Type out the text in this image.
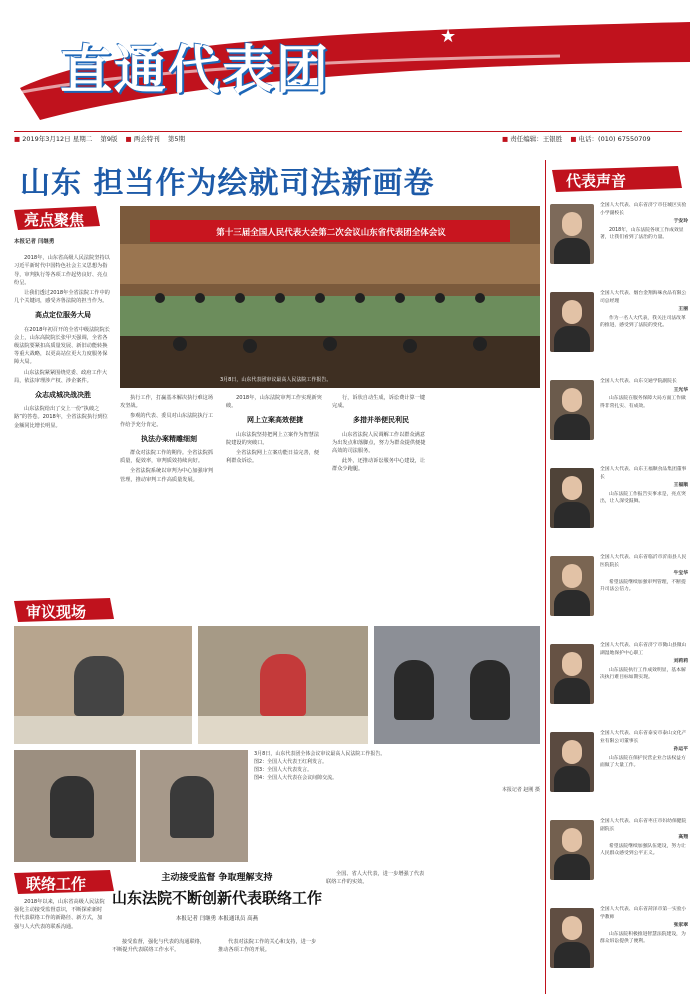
直通代表团
★
■ 2019年3月12日 星期二 第9版 ■ 两会特刊 第5期	■ 责任编辑：王银胜 ■ 电话：(010) 67550709
山东 担当作为绘就司法新画卷
亮点聚焦
本报记者 闫继勇

2018年，山东省高级人民法院坚持以习近平新时代中国特色社会主义思想为指导，审判执行等各项工作起势良好、亮点纷呈。

让我们透过2018年全省法院工作中的几个关键词，感受齐鲁法院的担当作为。

高点定位服务大局

在2018年初召开的全省中级法院院长会上，山东高院院长张甲天强调，全省各级法院要紧扣高质量发展、新旧动能转换等重大战略，以更高站位更大力度服务保障大局。

山东法院紧紧围绕党委、政府工作大局，依法审理涉产权、涉企案件。

众志成城决战决胜

山东法院给出了交上一份“执破之路”的答卷。2018年，全省法院执行到位金额同比增长明显。

第十三届全国人民代表大会第二次会议山东省代表团全体会议
3月8日，山东代表团审议最高人民法院工作报告。

执行工作，打赢基本解决执行难这场攻坚战。

参观的代表、委员对山东法院执行工作给予充分肯定。

执法办案精雕细刻

群众对法院工作的期待。全省法院抓质量，促效率，审判质效持续向好。

全省法院系统以审判为中心加强审判管理，推动审判工作高质量发展。

2018年，山东法院审判工作实现新突破。

网上立案高效便捷

山东法院坚持把网上立案作为智慧法院建设的突破口。

全省法院网上立案功能日益完善，便利群众诉讼。

行，诉状自动生成，诉讼费计算一键完成。

多措并举便民利民

山东省法院人民调解工作以群众满意为出发点和落脚点，努力为群众提供便捷高效的司法服务。

此外，还推动诉讼服务中心建设，让群众少跑腿。

审议现场
3月8日，山东代表团全体会议审议最高人民法院工作报告。
图2：全国人大代表王红利发言。
图3：全国人大代表发言。
图4：全国人大代表在会议间隙交流。
本报记者 赵刚 摄
联络工作

2018年以来，山东省高级人民法院强化主动接受监督意识，不断探索新时代代表联络工作的新路径、新方式，加强与人大代表的联系沟通。

主动接受监督 争取理解支持
山东法院不断创新代表联络工作
本报记者 闫继勇 本报通讯员 高燕

接受监督，强化与代表的沟通联络，不断提升代表联络工作水平。

代表对法院工作的关心和支持，进一步推动各项工作的开展。

全国、省人大代表，进一步增强了代表联络工作的实效。

代表声音
全国人大代表、山东省济宁市任城区实验小学副校长
于安玲
2018年，山东法院各项工作成效显著，让我们看到了法治的力量。
全国人大代表、烟台金翔海味食品有限公司总经理
王丽
作为一名人大代表，我关注司法改革的推进，感受到了法院的变化。
全国人大代表、山东交通学院副院长
王光华
山东法院在服务保障大局方面工作做得非常扎实、有成效。
全国人大代表、山东王福顺食品集团董事长
王福顺
山东法院工作报告实事求是，亮点突出，让人深受鼓舞。
全国人大代表、山东省临沂市沂南县人民医院院长
牛宝华
希望法院继续加强审判管理，不断提升司法公信力。
全国人大代表、山东省济宁市微山县微山湖湿地保护中心职工
刘莉莉
山东法院执行工作成效明显，基本解决执行难目标如期实现。
全国人大代表、山东省泰安市泰山文化产业有限公司董事长
孙运平
山东法院在保护民营企业合法权益方面做了大量工作。
全国人大代表、山东省枣庄市妇幼保健院副院长
高翔
希望法院继续加强队伍建设，努力让人民群众感受到公平正义。
全国人大代表、山东省菏泽市第一实验小学教师
张家翠
山东法院积极推进智慧法院建设，为群众诉讼提供了便利。
